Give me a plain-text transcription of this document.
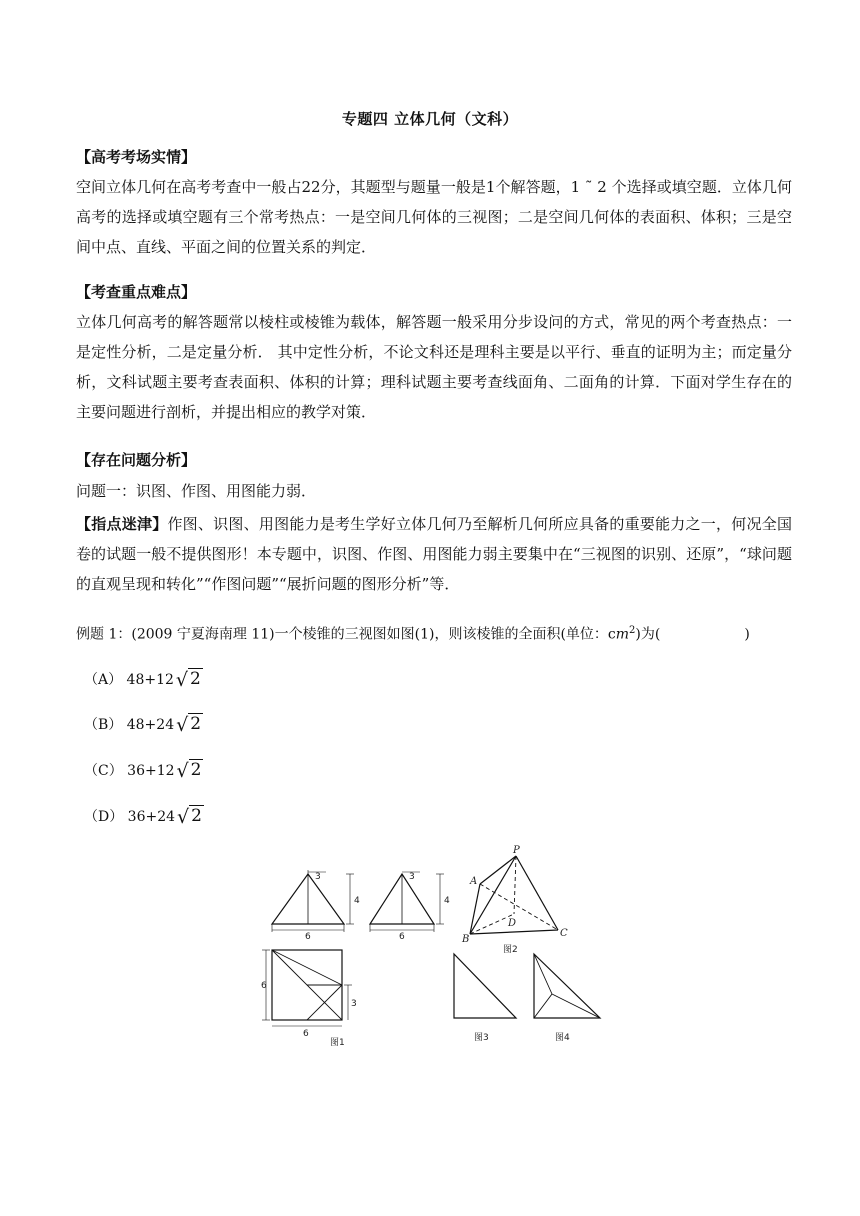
专题四 立体几何（文科）
【高考考场实情】
空间立体几何在高考考查中一般占22分，其题型与题量一般是1个解答题，1 ˜ 2 个选择或填空题．立体几何高考的选择或填空题有三个常考热点：一是空间几何体的三视图；二是空间几何体的表面积、体积；三是空间中点、直线、平面之间的位置关系的判定．
【考查重点难点】
立体几何高考的解答题常以棱柱或棱锥为载体，解答题一般采用分步设问的方式，常见的两个考查热点：一是定性分析，二是定量分析． 其中定性分析，不论文科还是理科主要是以平行、垂直的证明为主；而定量分析，文科试题主要考查表面积、体积的计算；理科试题主要考查线面角、二面角的计算．下面对学生存在的主要问题进行剖析，并提出相应的教学对策．
【存在问题分析】
问题一：识图、作图、用图能力弱．
【指点迷津】作图、识图、用图能力是考生学好立体几何乃至解析几何所应具备的重要能力之一，何况全国卷的试题一般不提供图形！本专题中，识图、作图、用图能力弱主要集中在“三视图的识别、还原”，“球问题的直观呈现和转化”“作图问题”“展折问题的图形分析”等．
例题 1：(2009 宁夏海南理 11)一个棱锥的三视图如图(1)，则该棱锥的全面积(单位：$cm^2$)为(　　　　　　)
（A） 48+12 √ 2
（B） 48+24 √ 2
（C） 36+12 √ 2
（D） 36+24 √ 2
3
4
6
3
4
6
6
6
3
P
A
B
C
D
图1
图2
图3	图4
